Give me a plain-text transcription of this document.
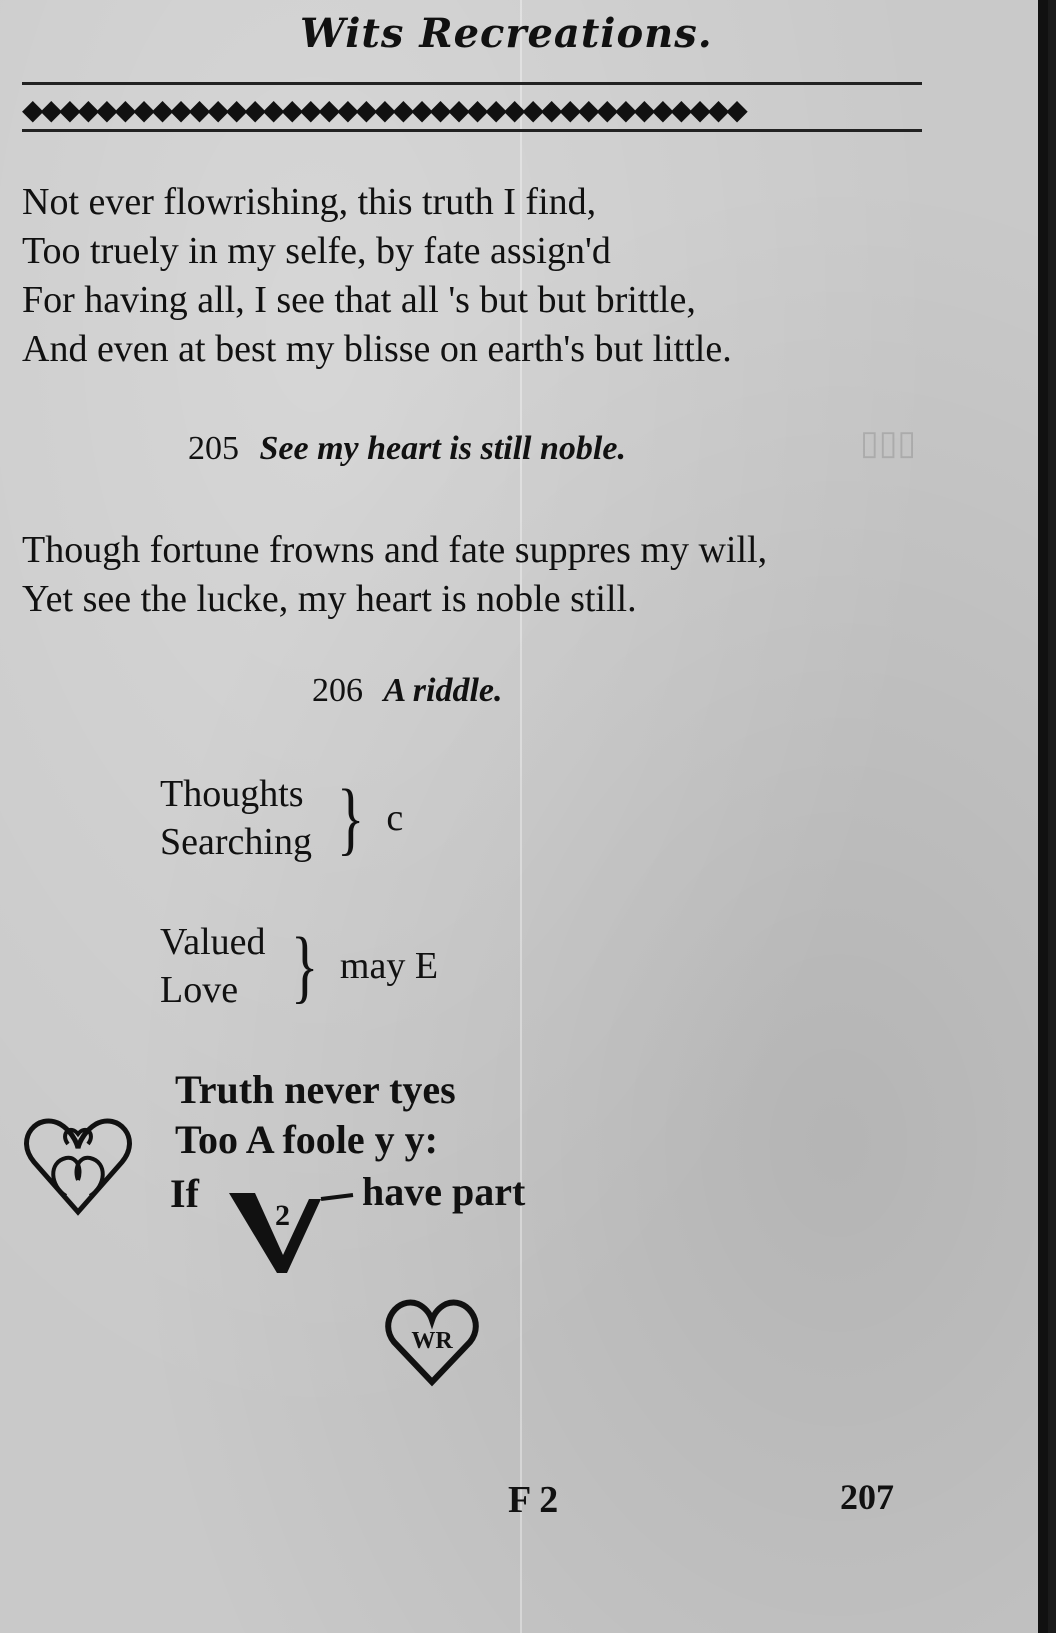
▯▯▯
Wits Recreations.
◆◆◆◆◆◆◆◆◆◆◆◆◆◆◆◆◆◆◆◆◆◆◆◆◆◆◆◆◆◆◆◆◆◆◆◆◆◆◆
Not ever flowrishing, this truth I find,
Too truely in my selfe, by fate assign'd
For having all, I see that all 's but but brittle,
And even at best my blisse on earth's but little.
205 See my heart is still noble.
Though fortune frowns and fate suppres my will,
Yet see the lucke, my heart is noble still.
206 A riddle.
Thoughts
Searching } c
Valued
Love } may E
Truth never tyes
Too A foole y y:
If	2
have part
WR
F 2	207
